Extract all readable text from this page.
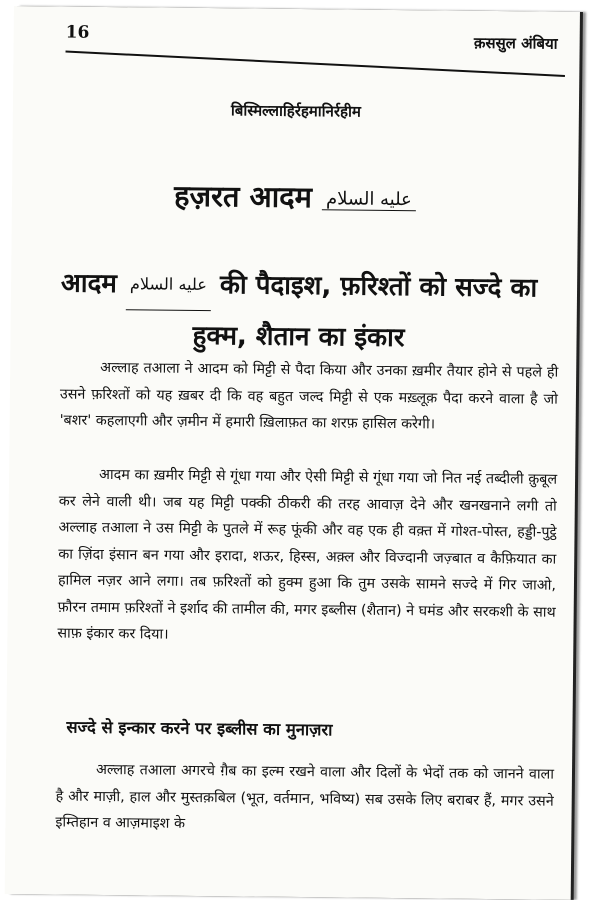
16
क़ससुल अंबिया
बिस्मिल्लाहिर्रहमानिर्रहीम
हज़रत आदम عليه السلام
आदम عليه السلام की पैदाइश, फ़रिश्तों को सज्दे का हुक्म, शैतान का इंकार

अल्लाह तआला ने आदम को मिट्टी से पैदा किया और उनका ख़मीर तैयार होने से पहले ही उसने फ़रिश्तों को यह ख़बर दी कि वह बहुत जल्द मिट्टी से एक मख़्लूक़ पैदा करने वाला है जो 'बशर' कहलाएगी और ज़मीन में हमारी ख़िलाफ़त का शरफ़ हासिल करेगी।

आदम का ख़मीर मिट्टी से गूंधा गया और ऐसी मिट्टी से गूंधा गया जो नित नई तब्दीली क़ुबूल कर लेने वाली थी। जब यह मिट्टी पक्की ठीकरी की तरह आवाज़ देने और खनखनाने लगी तो अल्लाह तआला ने उस मिट्टी के पुतले में रूह फूंकी और वह एक ही वक़्त में गोश्त-पोस्त, हड्डी-पुट्ठे का ज़िंदा इंसान बन गया और इरादा, शऊर, हिस्स, अक़्ल और विज्दानी जज़्बात व कैफ़ियात का हामिल नज़र आने लगा। तब फ़रिश्तों को हुक्म हुआ कि तुम उसके सामने सज्दे में गिर जाओ, फ़ौरन तमाम फ़रिश्तों ने इर्शाद की तामील की, मगर इब्लीस (शैतान) ने घमंड और सरकशी के साथ साफ़ इंकार कर दिया।

सज्दे से इन्कार करने पर इब्लीस का मुनाज़रा

अल्लाह तआला अगरचे ग़ैब का इल्म रखने वाला और दिलों के भेदों तक को जानने वाला है और माज़ी, हाल और मुस्तक़बिल (भूत, वर्तमान, भविष्य) सब उसके लिए बराबर हैं, मगर उसने इम्तिहान व आज़माइश के
